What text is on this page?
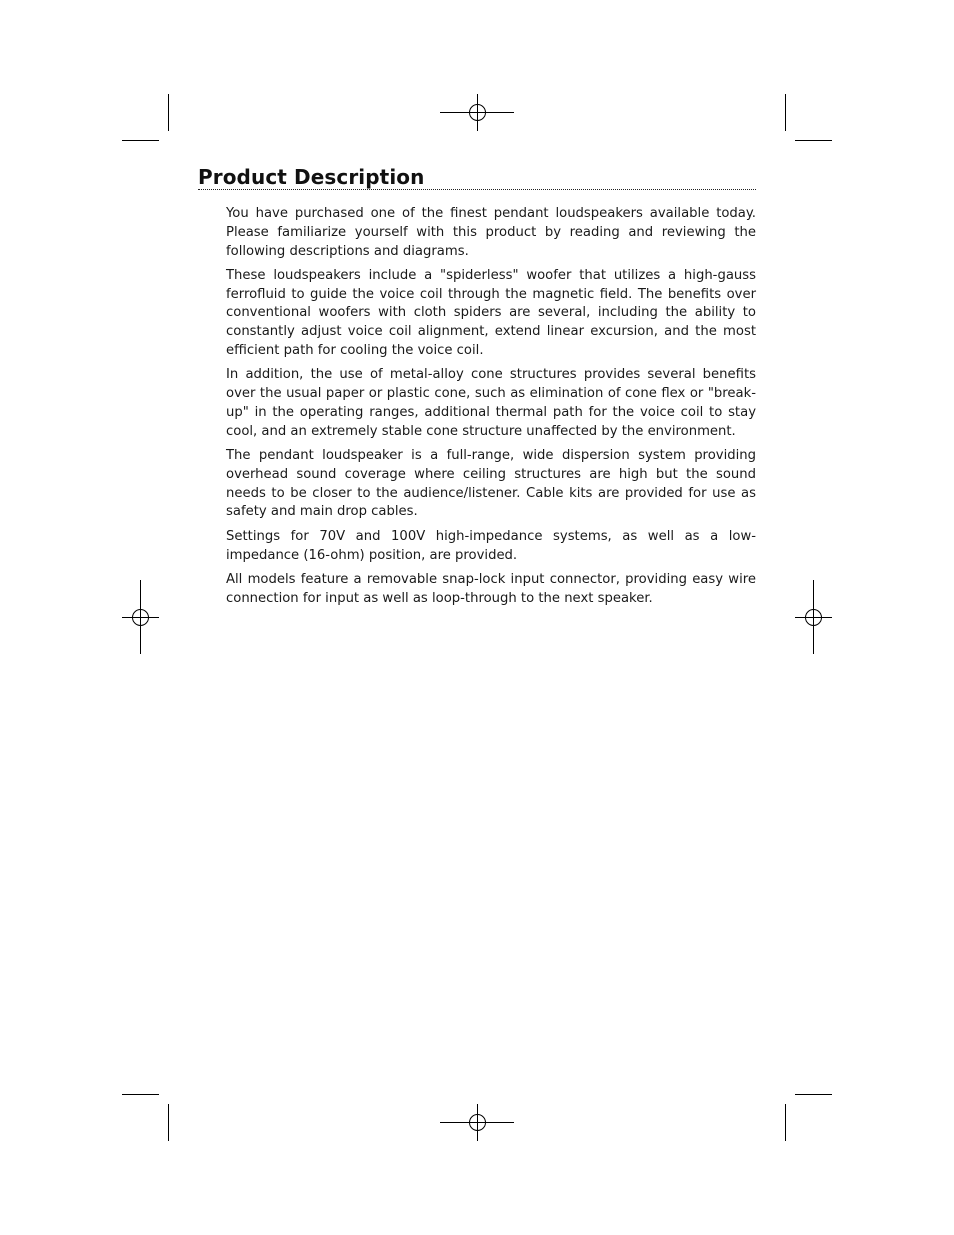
Product Description

You have purchased one of the finest pendant loudspeakers available today. Please familiarize yourself with this product by reading and reviewing the following descriptions and diagrams.

These loudspeakers include a "spiderless" woofer that utilizes a high-gauss ferrofluid to guide the voice coil through the magnetic field. The benefits over conventional woofers with cloth spiders are several, including the ability to constantly adjust voice coil alignment, extend linear excursion, and the most efficient path for cooling the voice coil.

In addition, the use of metal-alloy cone structures provides several benefits over the usual paper or plastic cone, such as elimination of cone flex or "break-up" in the operating ranges, additional thermal path for the voice coil to stay cool, and an extremely stable cone structure unaffected by the environment.

The pendant loudspeaker is a full-range, wide dispersion system providing overhead sound coverage where ceiling structures are high but the sound needs to be closer to the audience/listener. Cable kits are provided for use as safety and main drop cables.

Settings for 70V and 100V high-impedance systems, as well as a low-impedance (16-ohm) position, are provided.

All models feature a removable snap-lock input connector, providing easy wire connection for input as well as loop-through to the next speaker.
